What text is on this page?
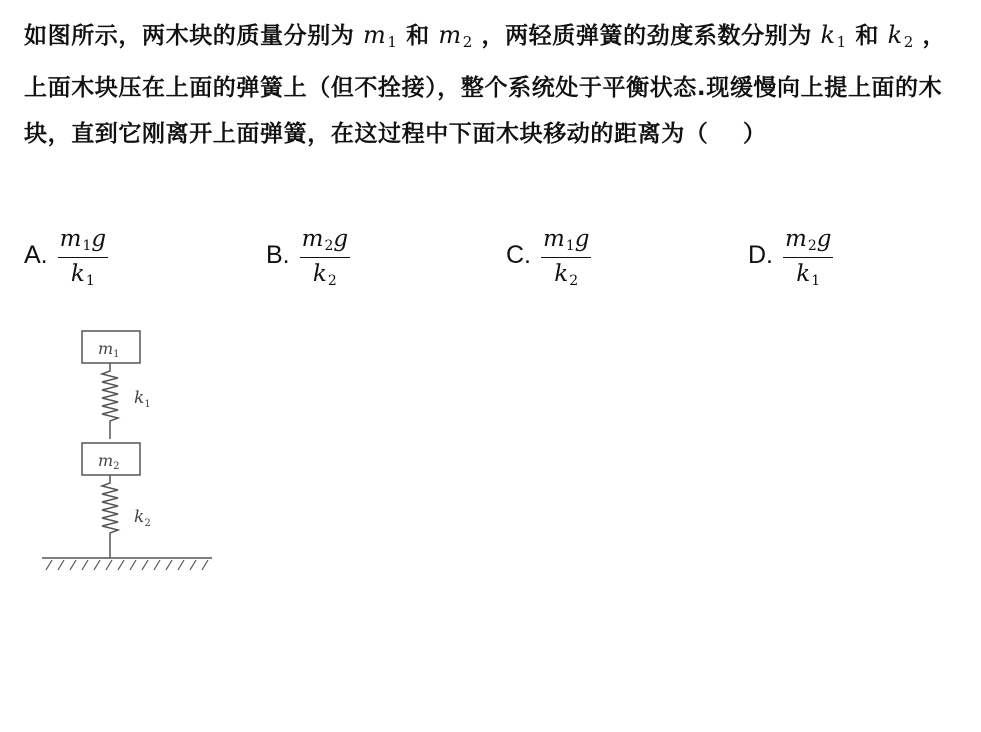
如图所示，两木块的质量分别为 $m_1$ 和 $m_2$ ，两轻质弹簧的劲度系数分别为 $k_1$ 和 $k_2$ ，上面木块压在上面的弹簧上（但不拴接），整个系统处于平衡状态.现缓慢向上提上面的木块，直到它刚离开上面弹簧，在这过程中下面木块移动的距离为（    ）
A. $\frac{m_1g}{k_1}$	B. $\frac{m_2g}{k_2}$	C. $\frac{m_1g}{k_2}$	D. $\frac{m_2g}{k_1}$
m1
$k_1$
m2
$k_2$
